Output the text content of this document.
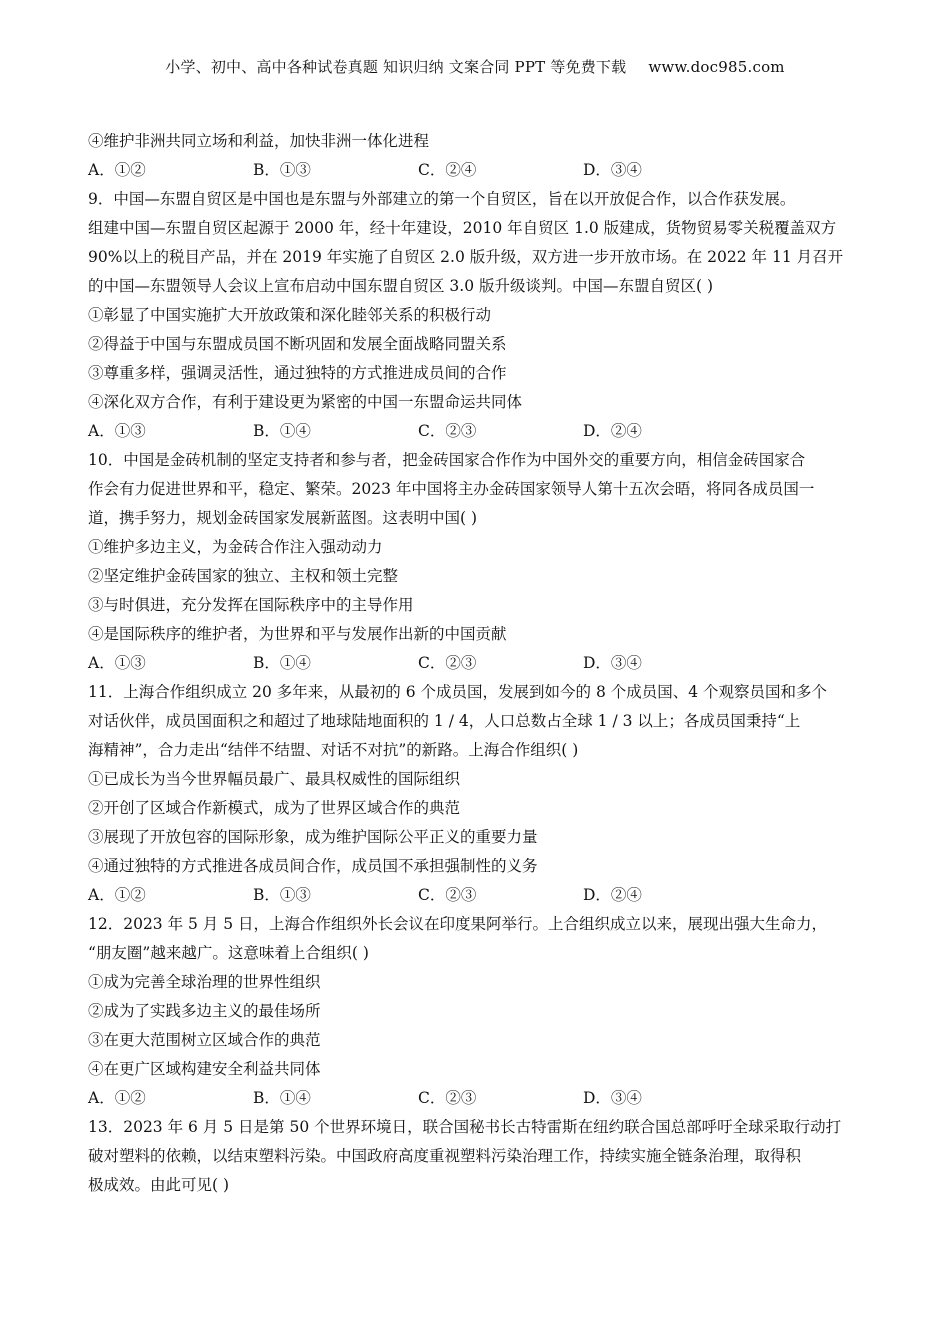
小学、初中、高中各种试卷真题 知识归纳 文案合同 PPT 等免费下载 www.doc985.com
④维护非洲共同立场和利益，加快非洲一体化进程
A．①②	B．①③	C．②④	D．③④
9．中国—东盟自贸区是中国也是东盟与外部建立的第一个自贸区，旨在以开放促合作，以合作获发展。
组建中国—东盟自贸区起源于 2000 年，经十年建设，2010 年自贸区 1.0 版建成，货物贸易零关税覆盖双方
90%以上的税目产品，并在 2019 年实施了自贸区 2.0 版升级，双方进一步开放市场。在 2022 年 11 月召开
的中国—东盟领导人会议上宣布启动中国东盟自贸区 3.0 版升级谈判。中国—东盟自贸区( )
①彰显了中国实施扩大开放政策和深化睦邻关系的积极行动
②得益于中国与东盟成员国不断巩固和发展全面战略同盟关系
③尊重多样，强调灵活性，通过独特的方式推进成员间的合作
④深化双方合作，有利于建设更为紧密的中国一东盟命运共同体
A．①③	B．①④	C．②③	D．②④
10．中国是金砖机制的坚定支持者和参与者，把金砖国家合作作为中国外交的重要方向，相信金砖国家合
作会有力促进世界和平，稳定、繁荣。2023 年中国将主办金砖国家领导人第十五次会晤，将同各成员国一
道，携手努力，规划金砖国家发展新蓝图。这表明中国( )
①维护多边主义，为金砖合作注入强动动力
②坚定维护金砖国家的独立、主权和领土完整
③与时俱进，充分发挥在国际秩序中的主导作用
④是国际秩序的维护者，为世界和平与发展作出新的中国贡献
A．①③	B．①④	C．②③	D．③④
11．上海合作组织成立 20 多年来，从最初的 6 个成员国，发展到如今的 8 个成员国、4 个观察员国和多个
对话伙伴，成员国面积之和超过了地球陆地面积的 1 / 4，人口总数占全球 1 / 3 以上；各成员国秉持“上
海精神”，合力走出“结伴不结盟、对话不对抗”的新路。上海合作组织( )
①已成长为当今世界幅员最广、最具权威性的国际组织
②开创了区域合作新模式，成为了世界区域合作的典范
③展现了开放包容的国际形象，成为维护国际公平正义的重要力量
④通过独特的方式推进各成员间合作，成员国不承担强制性的义务
A．①②	B．①③	C．②③	D．②④
12．2023 年 5 月 5 日，上海合作组织外长会议在印度果阿举行。上合组织成立以来，展现出强大生命力，
“朋友圈”越来越广。这意味着上合组织( )
①成为完善全球治理的世界性组织
②成为了实践多边主义的最佳场所
③在更大范围树立区域合作的典范
④在更广区域构建安全利益共同体
A．①②	B．①④	C．②③	D．③④
13．2023 年 6 月 5 日是第 50 个世界环境日，联合国秘书长古特雷斯在纽约联合国总部呼吁全球采取行动打
破对塑料的依赖，以结束塑料污染。中国政府高度重视塑料污染治理工作，持续实施全链条治理，取得积
极成效。由此可见( )
